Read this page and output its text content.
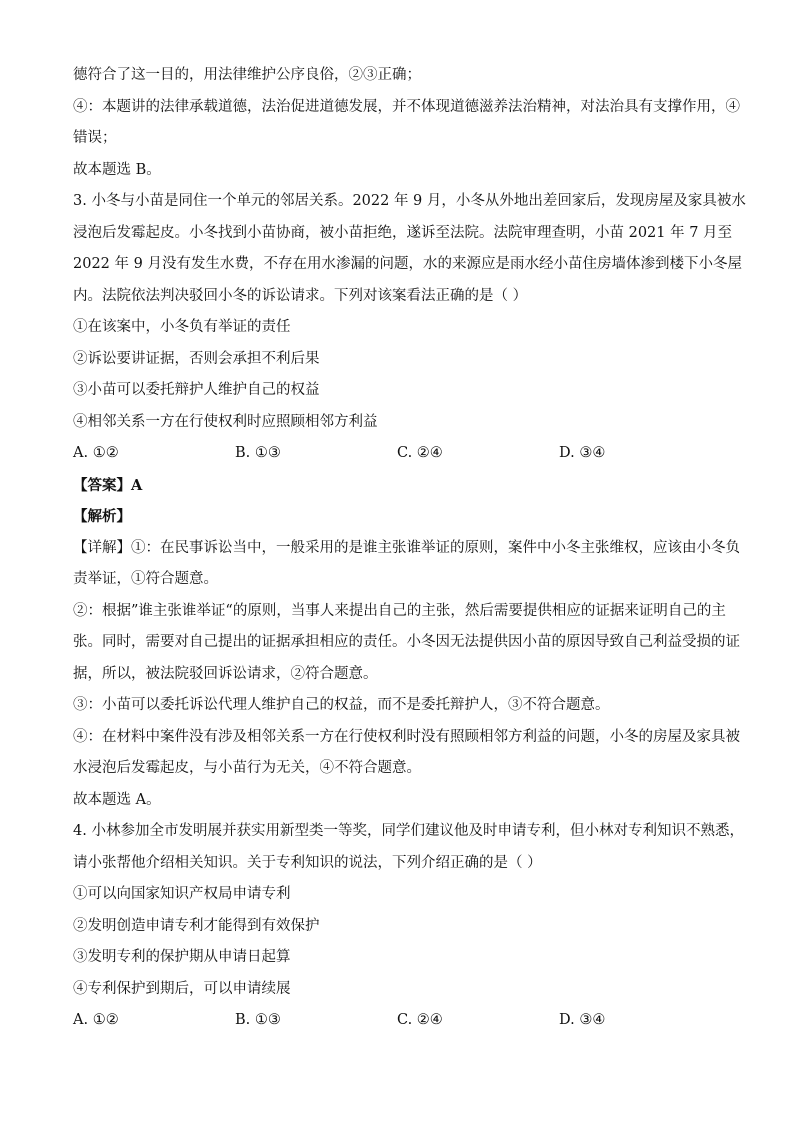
德符合了这一目的，用法律维护公序良俗，②③正确；
④：本题讲的法律承载道德，法治促进道德发展，并不体现道德滋养法治精神，对法治具有支撑作用，④
错误；
故本题选 B。
3. 小冬与小苗是同住一个单元的邻居关系。2022 年 9 月，小冬从外地出差回家后，发现房屋及家具被水
浸泡后发霉起皮。小冬找到小苗协商，被小苗拒绝，遂诉至法院。法院审理查明，小苗 2021 年 7 月至
2022 年 9 月没有发生水费，不存在用水渗漏的问题，水的来源应是雨水经小苗住房墙体渗到楼下小冬屋
内。法院依法判决驳回小冬的诉讼请求。下列对该案看法正确的是（ ）
①在该案中，小冬负有举证的责任
②诉讼要讲证据，否则会承担不利后果
③小苗可以委托辩护人维护自己的权益
④相邻关系一方在行使权利时应照顾相邻方利益
A. ①②	B. ①③	C. ②④	D. ③④
【答案】A
【解析】
【详解】①：在民事诉讼当中，一般采用的是谁主张谁举证的原则，案件中小冬主张维权，应该由小冬负
责举证，①符合题意。
②：根据”谁主张谁举证“的原则，当事人来提出自己的主张，然后需要提供相应的证据来证明自己的主
张。同时，需要对自己提出的证据承担相应的责任。小冬因无法提供因小苗的原因导致自己利益受损的证
据，所以，被法院驳回诉讼请求，②符合题意。
③：小苗可以委托诉讼代理人维护自己的权益，而不是委托辩护人，③不符合题意。
④：在材料中案件没有涉及相邻关系一方在行使权利时没有照顾相邻方利益的问题，小冬的房屋及家具被
水浸泡后发霉起皮，与小苗行为无关，④不符合题意。
故本题选 A。
4. 小林参加全市发明展并获实用新型类一等奖，同学们建议他及时申请专利，但小林对专利知识不熟悉，
请小张帮他介绍相关知识。关于专利知识的说法，下列介绍正确的是（ ）
①可以向国家知识产权局申请专利
②发明创造申请专利才能得到有效保护
③发明专利的保护期从申请日起算
④专利保护到期后，可以申请续展
A. ①②	B. ①③	C. ②④	D. ③④
